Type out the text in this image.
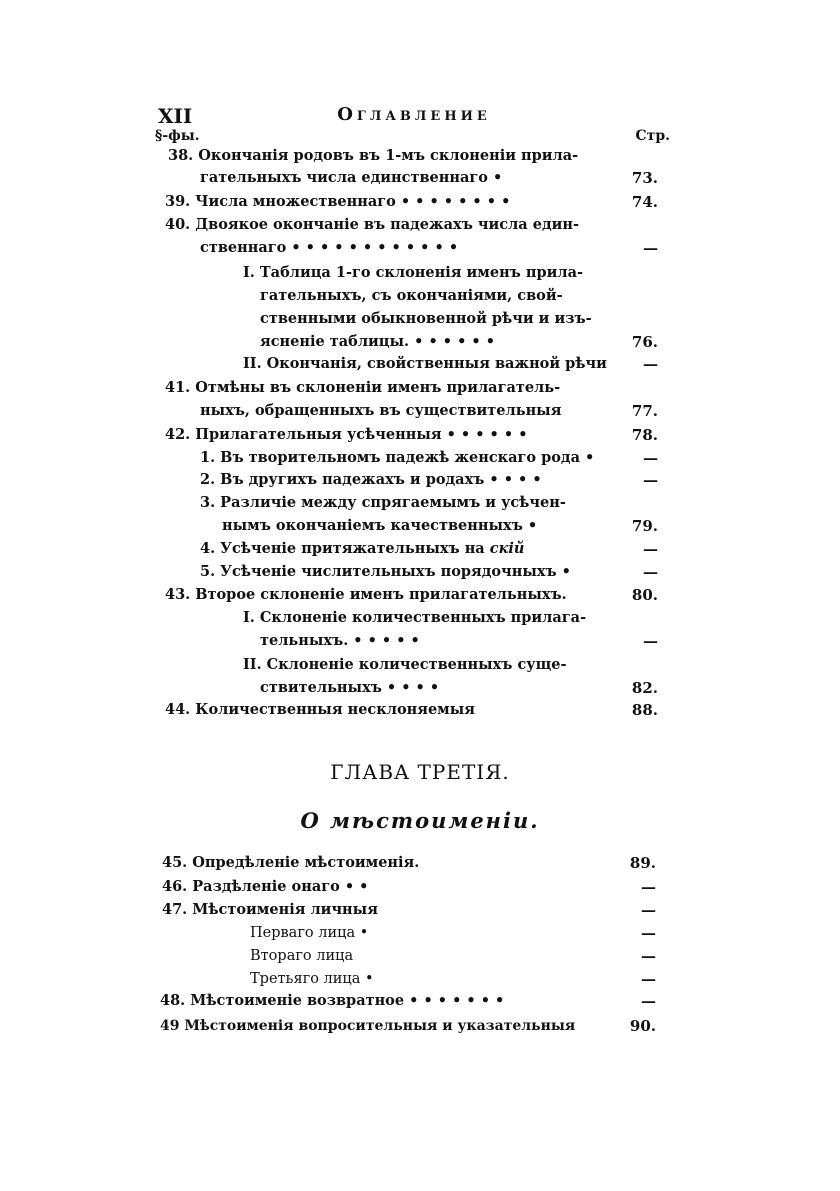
XII	Оглавление
§-фы.	Стр.
38. Окончанія родовъ въ 1-мъ склоненіи прила-
гательныхъ числа единственнаго •	73.
39. Числа множественнаго • • • • • • • •	74.
40. Двоякое окончаніе въ падежахъ числа един-
ственнаго • • • • • • • • • • • •	—
I. Таблица 1-го склоненія именъ прила-
гательныхъ, съ окончаніями, свой-
ственными обыкновенной рѣчи и изъ-
ясненіе таблицы. • • • • • •	76.
II. Окончанія, свойственныя важной рѣчи	—
41. Отмѣны въ склоненіи именъ прилагатель-
ныхъ, обращенныхъ въ существительныя	77.
42. Прилагательныя усѣченныя • • • • • •	78.
1. Въ творительномъ падежѣ женскаго рода •	—
2. Въ другихъ падежахъ и родахъ • • • •	—
3. Различіе между спрягаемымъ и усѣчен-
нымъ окончаніемъ качественныхъ •	79.
4. Усѣченіе притяжательныхъ на скій	—
5. Усѣченіе числительныхъ порядочныхъ •	—
43. Второе склоненіе именъ прилагательныхъ.	80.
I. Склоненіе количественныхъ прилага-
тельныхъ. • • • • •	—
II. Склоненіе количественныхъ суще-
ствительныхъ • • • •	82.
44. Количественныя несклоняемыя	88.
ГЛАВА ТРЕТІЯ.
О мѣстоименіи.
45. Опредѣленіе мѣстоименія.	89.
46. Раздѣленіе онаго • •	—
47. Мѣстоименія личныя	—
Перваго лица •	—
Втораго лица	—
Третьяго лица •	—
48. Мѣстоименіе возвратное • • • • • • •	—
49 Мѣстоименія вопросительныя и указательныя	90.
